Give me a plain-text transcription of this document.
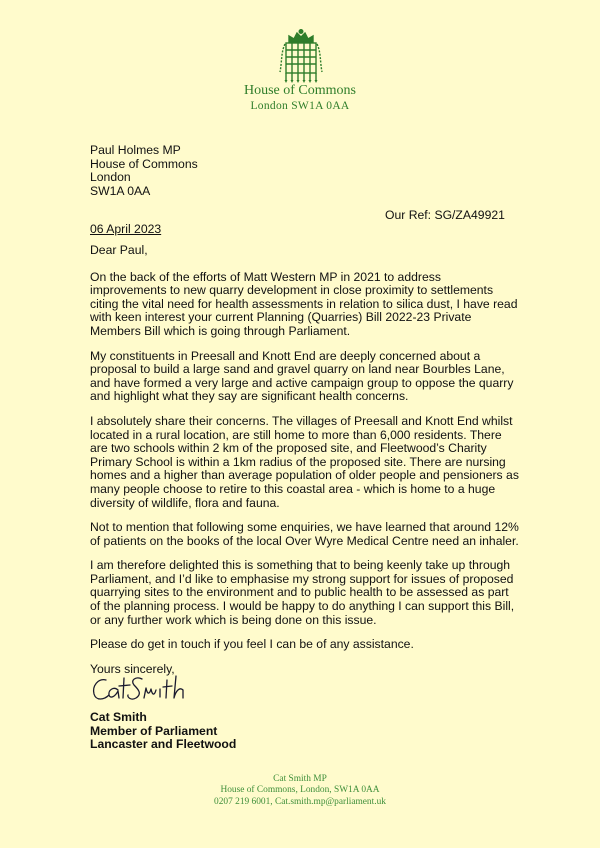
House of Commons
London SW1A 0AA
Paul Holmes MP
House of Commons
London
SW1A 0AA
Our Ref: SG/ZA49921
06 April 2023

Dear Paul,

On the back of the efforts of Matt Western MP in 2021 to address improvements to new quarry development in close proximity to settlements citing the vital need for health assessments in relation to silica dust, I have read with keen interest your current Planning (Quarries) Bill 2022-23 Private Members Bill which is going through Parliament.

My constituents in Preesall and Knott End are deeply concerned about a proposal to build a large sand and gravel quarry on land near Bourbles Lane, and have formed a very large and active campaign group to oppose the quarry and highlight what they say are significant health concerns.

I absolutely share their concerns. The villages of Preesall and Knott End whilst located in a rural location, are still home to more than 6,000 residents. There are two schools within 2 km of the proposed site, and Fleetwood’s Charity Primary School is within a 1km radius of the proposed site. There are nursing homes and a higher than average population of older people and pensioners as many people choose to retire to this coastal area - which is home to a huge diversity of wildlife, flora and fauna.

Not to mention that following some enquiries, we have learned that around 12% of patients on the books of the local Over Wyre Medical Centre need an inhaler.

I am therefore delighted this is something that to being keenly take up through Parliament, and I’d like to emphasise my strong support for issues of proposed quarrying sites to the environment and to public health to be assessed as part of the planning process. I would be happy to do anything I can support this Bill, or any further work which is being done on this issue.

Please do get in touch if you feel I can be of any assistance.

Yours sincerely,

Cat Smith
Member of Parliament
Lancaster and Fleetwood
Cat Smith MP
House of Commons, London, SW1A 0AA
0207 219 6001, Cat.smith.mp@parliament.uk
